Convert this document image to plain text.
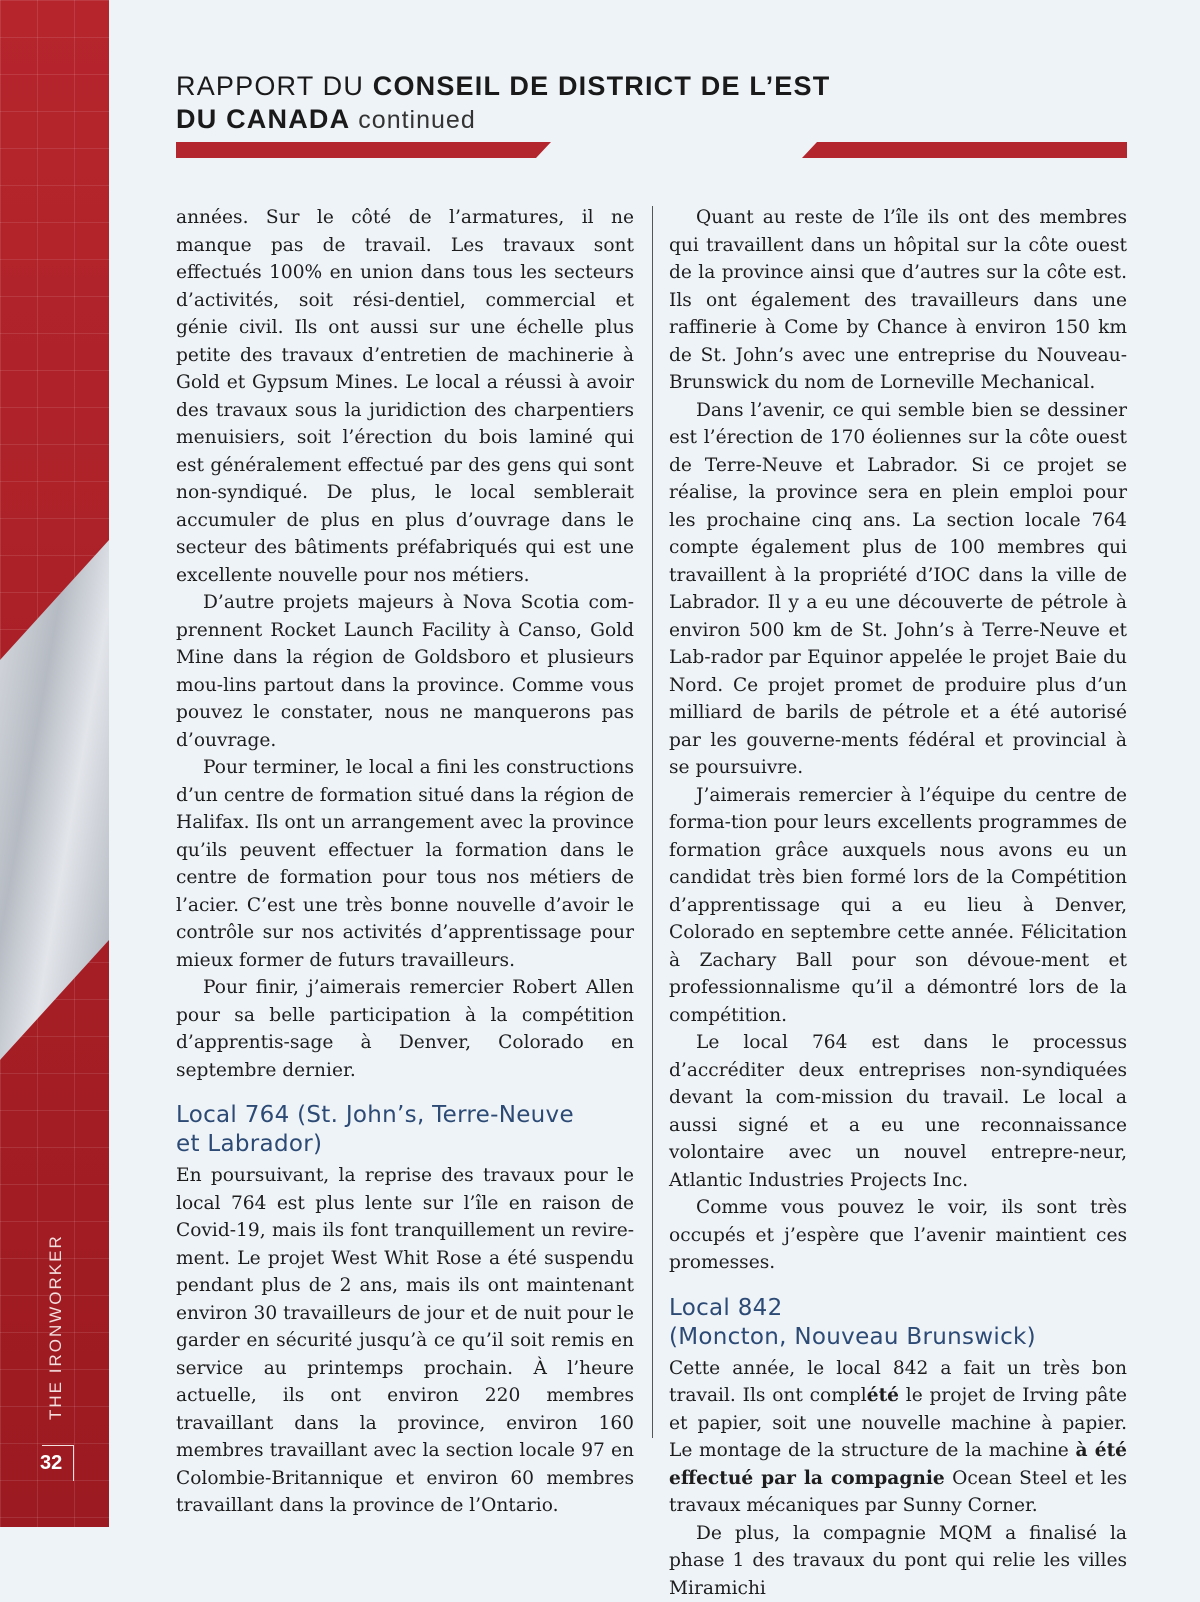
THE IRONWORKER
32
RAPPORT DU CONSEIL DE DISTRICT DE L’EST
DU CANADA continued

années. Sur le côté de l’armatures, il ne manque pas de travail. Les travaux sont effectués 100% en union dans tous les secteurs d’activités, soit rési-dentiel, commercial et génie civil. Ils ont aussi sur une échelle plus petite des travaux d’entretien de machinerie à Gold et Gypsum Mines. Le local a réussi à avoir des travaux sous la juridiction des charpentiers menuisiers, soit l’érection du bois laminé qui est généralement effectué par des gens qui sont non-syndiqué. De plus, le local semblerait accumuler de plus en plus d’ouvrage dans le secteur des bâtiments préfabriqués qui est une excellente nouvelle pour nos métiers.

D’autre projets majeurs à Nova Scotia com-prennent Rocket Launch Facility à Canso, Gold Mine dans la région de Goldsboro et plusieurs mou-lins partout dans la province. Comme vous pouvez le constater, nous ne manquerons pas d’ouvrage.

Pour terminer, le local a fini les constructions d’un centre de formation situé dans la région de Halifax. Ils ont un arrangement avec la province qu’ils peuvent effectuer la formation dans le centre de formation pour tous nos métiers de l’acier. C’est une très bonne nouvelle d’avoir le contrôle sur nos activités d’apprentissage pour mieux former de futurs travailleurs.

Pour finir, j’aimerais remercier Robert Allen pour sa belle participation à la compétition d’apprentis-sage à Denver, Colorado en septembre dernier.

Local 764 (St. John’s, Terre-Neuve
et Labrador)

En poursuivant, la reprise des travaux pour le local 764 est plus lente sur l’île en raison de Covid-19, mais ils font tranquillement un revire-ment. Le projet West Whit Rose a été suspendu pendant plus de 2 ans, mais ils ont maintenant environ 30 travailleurs de jour et de nuit pour le garder en sécurité jusqu’à ce qu’il soit remis en service au printemps prochain. À l’heure actuelle, ils ont environ 220 membres travaillant dans la province, environ 160 membres travaillant avec la section locale 97 en Colombie-Britannique et environ 60 membres travaillant dans la province de l’Ontario.

Quant au reste de l’île ils ont des membres qui travaillent dans un hôpital sur la côte ouest de la province ainsi que d’autres sur la côte est. Ils ont également des travailleurs dans une raffinerie à Come by Chance à environ 150 km de St. John’s avec une entreprise du Nouveau-Brunswick du nom de Lorneville Mechanical.

Dans l’avenir, ce qui semble bien se dessiner est l’érection de 170 éoliennes sur la côte ouest de Terre-Neuve et Labrador. Si ce projet se réalise, la province sera en plein emploi pour les prochaine cinq ans. La section locale 764 compte également plus de 100 membres qui travaillent à la propriété d’IOC dans la ville de Labrador. Il y a eu une découverte de pétrole à environ 500 km de St. John’s à Terre-Neuve et Lab-rador par Equinor appelée le projet Baie du Nord. Ce projet promet de produire plus d’un milliard de barils de pétrole et a été autorisé par les gouverne-ments fédéral et provincial à se poursuivre.

J’aimerais remercier à l’équipe du centre de forma-tion pour leurs excellents programmes de formation grâce auxquels nous avons eu un candidat très bien formé lors de la Compétition d’apprentissage qui a eu lieu à Denver, Colorado en septembre cette année. Félicitation à Zachary Ball pour son dévoue-ment et professionnalisme qu’il a démontré lors de la compétition.

Le local 764 est dans le processus d’accréditer deux entreprises non-syndiquées devant la com-mission du travail. Le local a aussi signé et a eu une reconnaissance volontaire avec un nouvel entrepre-neur, Atlantic Industries Projects Inc.

Comme vous pouvez le voir, ils sont très occupés et j’espère que l’avenir maintient ces promesses.

Local 842
(Moncton, Nouveau Brunswick)

Cette année, le local 842 a fait un très bon travail. Ils ont complété le projet de Irving pâte et papier, soit une nouvelle machine à papier. Le montage de la structure de la machine à été effectué par la compagnie Ocean Steel et les travaux mécaniques par Sunny Corner.

De plus, la compagnie MQM a finalisé la phase 1 des travaux du pont qui relie les villes Miramichi
